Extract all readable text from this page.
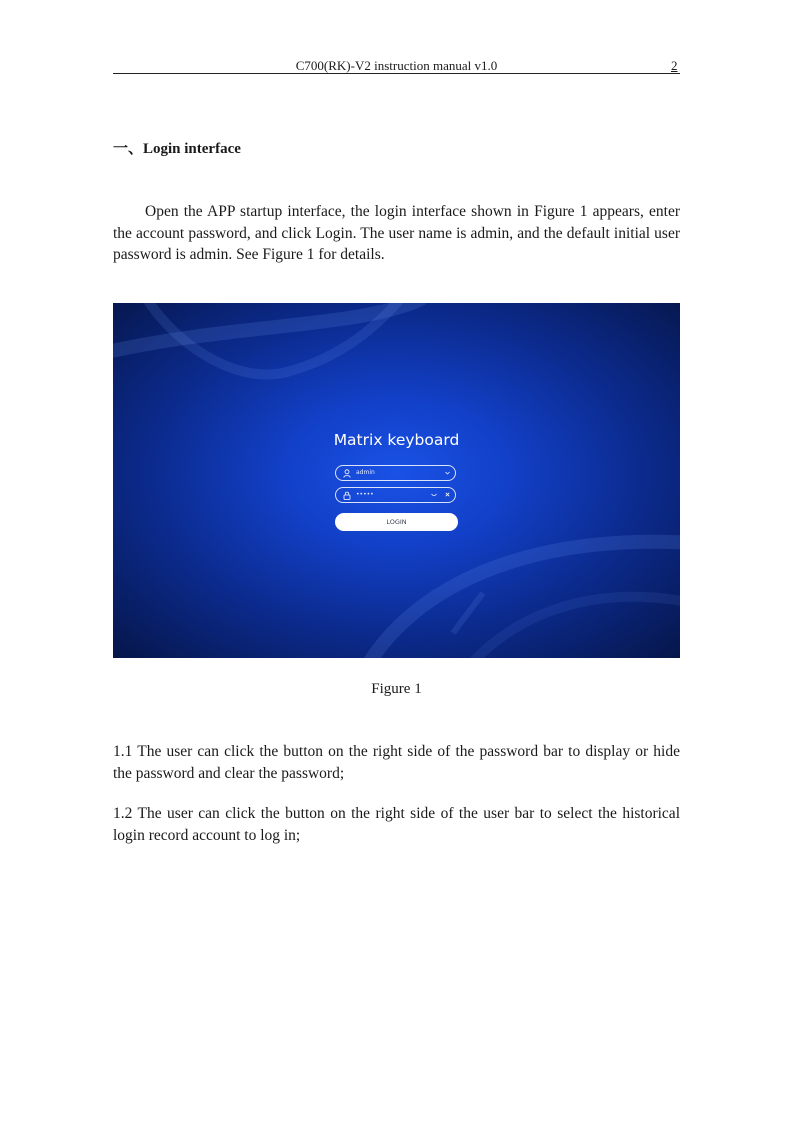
C700(RK)-V2 instruction manual v1.0	2
一、Login interface

Open the APP startup interface, the login interface shown in Figure 1 appears, enter the account password, and click Login. The user name is admin, and the default initial user password is admin. See Figure 1 for details.

Matrix keyboard
admin
•••••
LOGIN
Figure 1

1.1 The user can click the button on the right side of the password bar to display or hide the password and clear the password;

1.2 The user can click the button on the right side of the user bar to select the historical login record account to log in;
